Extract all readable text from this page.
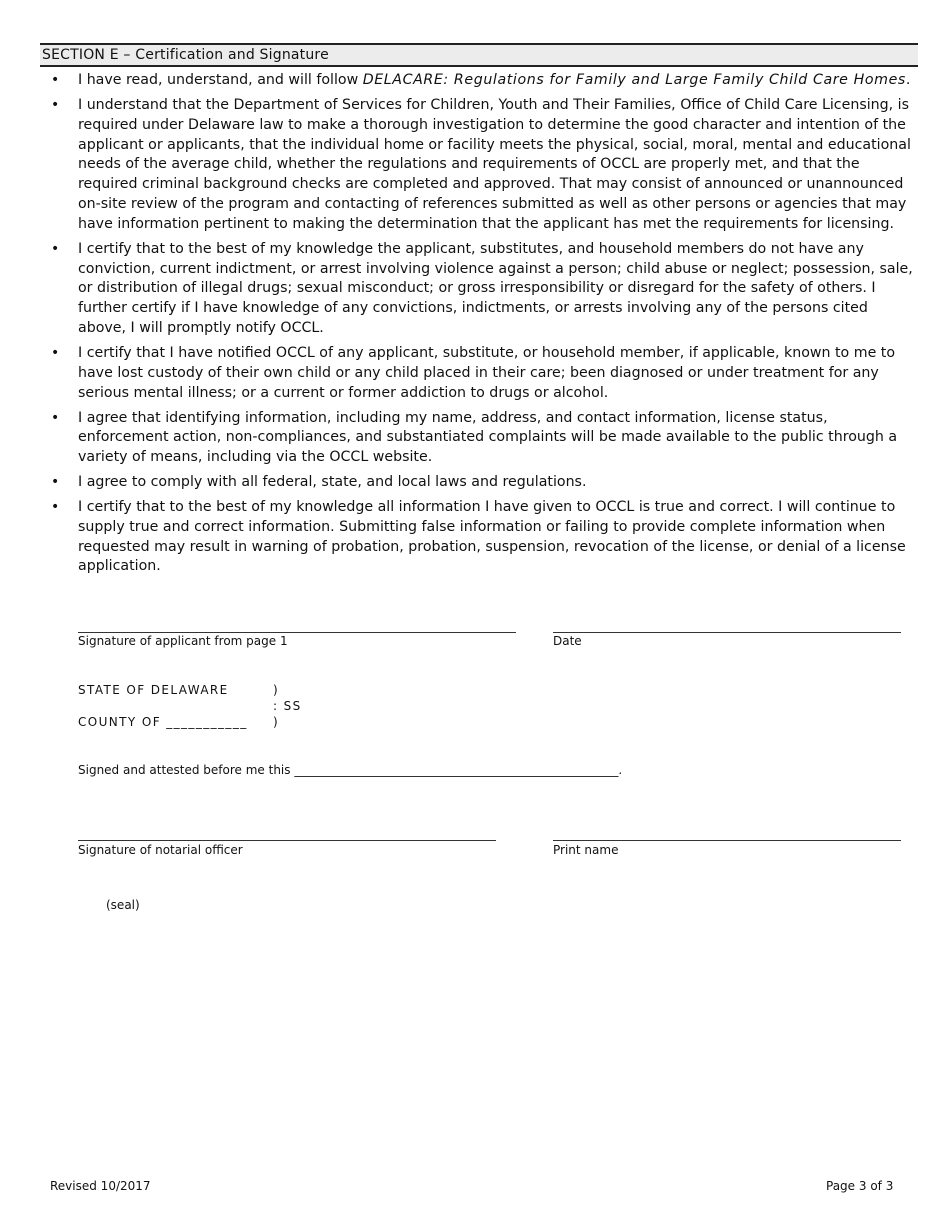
SECTION E – Certification and Signature
• I have read, understand, and will follow DELACARE: Regulations for Family and Large Family Child Care Homes.
• I understand that the Department of Services for Children, Youth and Their Families, Office of Child Care Licensing, is required under Delaware law to make a thorough investigation to determine the good character and intention of the applicant or applicants, that the individual home or facility meets the physical, social, moral, mental and educational needs of the average child, whether the regulations and requirements of OCCL are properly met, and that the required criminal background checks are completed and approved. That may consist of announced or unannounced on-site review of the program and contacting of references submitted as well as other persons or agencies that may have information pertinent to making the determination that the applicant has met the requirements for licensing.
• I certify that to the best of my knowledge the applicant, substitutes, and household members do not have any conviction, current indictment, or arrest involving violence against a person; child abuse or neglect; possession, sale, or distribution of illegal drugs; sexual misconduct; or gross irresponsibility or disregard for the safety of others. I further certify if I have knowledge of any convictions, indictments, or arrests involving any of the persons cited above, I will promptly notify OCCL.
• I certify that I have notified OCCL of any applicant, substitute, or household member, if applicable, known to me to have lost custody of their own child or any child placed in their care; been diagnosed or under treatment for any serious mental illness; or a current or former addiction to drugs or alcohol.
• I agree that identifying information, including my name, address, and contact information, license status, enforcement action, non-compliances, and substantiated complaints will be made available to the public through a variety of means, including via the OCCL website.
• I agree to comply with all federal, state, and local laws and regulations.
• I certify that to the best of my knowledge all information I have given to OCCL is true and correct. I will continue to supply true and correct information. Submitting false information or failing to provide complete information when requested may result in warning of probation, probation, suspension, revocation of the license, or denial of a license application.
Signature of applicant from page 1	Date
STATE OF DELAWARE	)
: SS
COUNTY OF ___________ )
Signed and attested before me this ______________________________________________________.
Signature of notarial officer	Print name
(seal)
Revised 10/2017	Page 3 of 3
